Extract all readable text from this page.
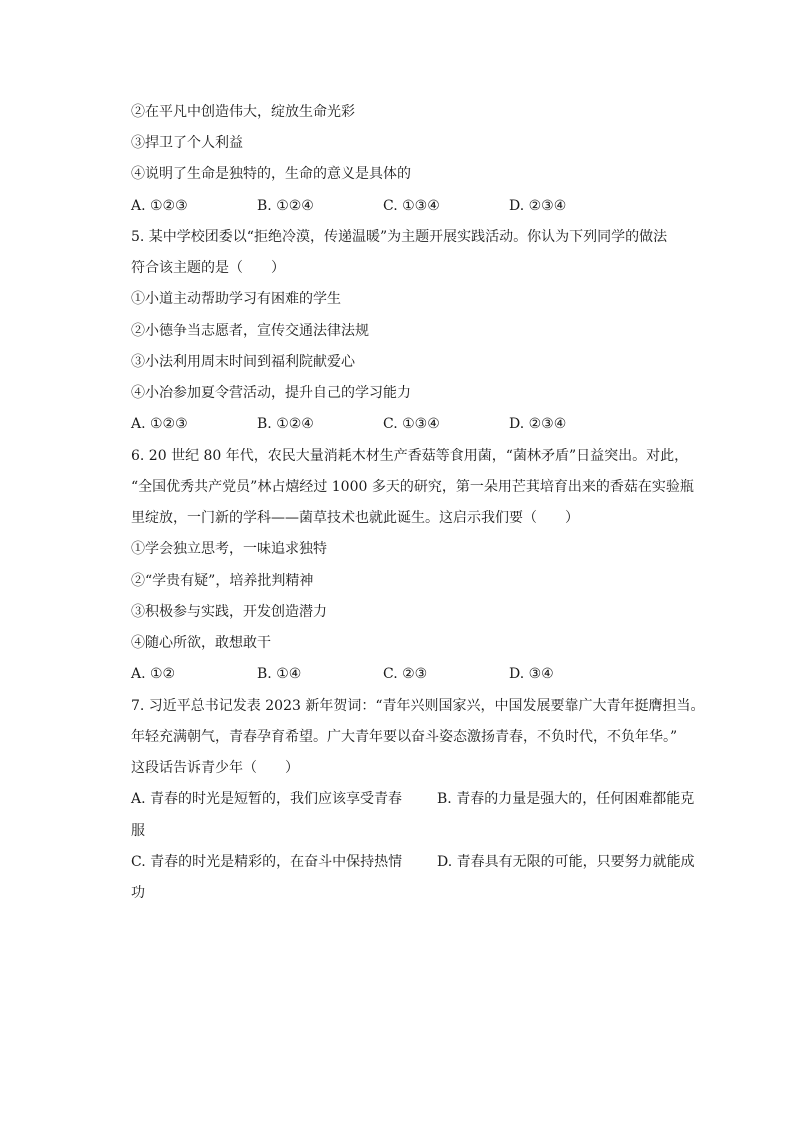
②在平凡中创造伟大，绽放生命光彩
③捍卫了个人利益
④说明了生命是独特的，生命的意义是具体的
A. ①②③	B. ①②④	C. ①③④	D. ②③④
5. 某中学校团委以“拒绝冷漠，传递温暖”为主题开展实践活动。你认为下列同学的做法
符合该主题的是（　　）
①小道主动帮助学习有困难的学生
②小德争当志愿者，宣传交通法律法规
③小法利用周末时间到福利院献爱心
④小冶参加夏令营活动，提升自己的学习能力
A. ①②③	B. ①②④	C. ①③④	D. ②③④
6. 20 世纪 80 年代，农民大量消耗木材生产香菇等食用菌，“菌林矛盾”日益突出。对此，
“全国优秀共产党员”林占熺经过 1000 多天的研究，第一朵用芒萁培育出来的香菇在实验瓶
里绽放，一门新的学科——菌草技术也就此诞生。这启示我们要（　　）
①学会独立思考，一味追求独特
②“学贵有疑”，培养批判精神
③积极参与实践，开发创造潜力
④随心所欲，敢想敢干
A. ①②	B. ①④	C. ②③	D. ③④
7. 习近平总书记发表 2023 新年贺词：“青年兴则国家兴，中国发展要靠广大青年挺膺担当。
年轻充满朝气，青春孕育希望。广大青年要以奋斗姿态激扬青春，不负时代，不负年华。”
这段话告诉青少年（　　）
A. 青春的时光是短暂的，我们应该享受青春 B. 青春的力量是强大的，任何困难都能克
服
C. 青春的时光是精彩的，在奋斗中保持热情 D. 青春具有无限的可能，只要努力就能成
功
